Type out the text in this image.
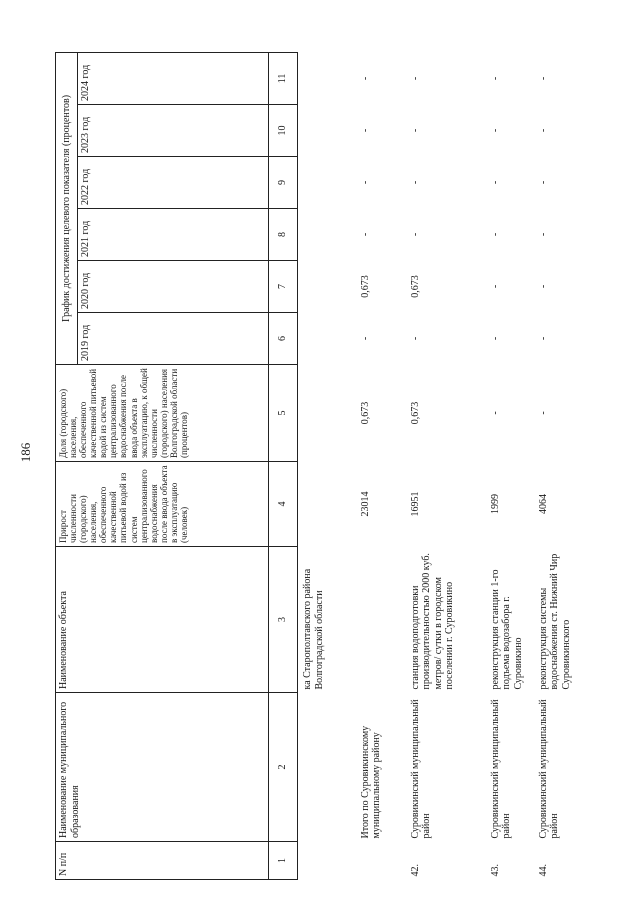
186
N п/п	Наименование муниципального образования	Наименование объекта	Прирост численности (городского) населения, обеспеченного качественной питьевой водой из систем централизованного водоснабжения после ввода объекта в эксплуатацию (человек)	Доля (городского) населения, обеспеченного качественной питьевой водой из систем централизованного водоснабжения после ввода объекта в эксплуатацию, к общей численности (городского) населения Волгоградской области (процентов)	График достижения целевого показателя (процентов)					
					2019 год	2020 год	2021 год	2022 год	2023 год	2024 год
1	2	3	4	5	6	7	8	9	10	11
		ка Старополтавского района Волгоградской области								
	Итого по Суровикинскому муниципальному району		23014	0,673	-	0,673	-	-	-	-
42.	Суровикинский муниципальный район	станция водоподготовки производительностью 2000 куб. метров/ сутки в городском поселении г. Суровикино	16951	0,673	-	0,673	-	-	-	-
43.	Суровикинский муниципальный район	реконструкция станции 1-го подъема водозабора г. Суровикино	1999	-	-	-	-	-	-	-
44.	Суровикинский муниципальный район	реконструкция системы водоснабжения ст. Нижний Чир Суровикинского	4064	-	-	-	-	-	-	-
